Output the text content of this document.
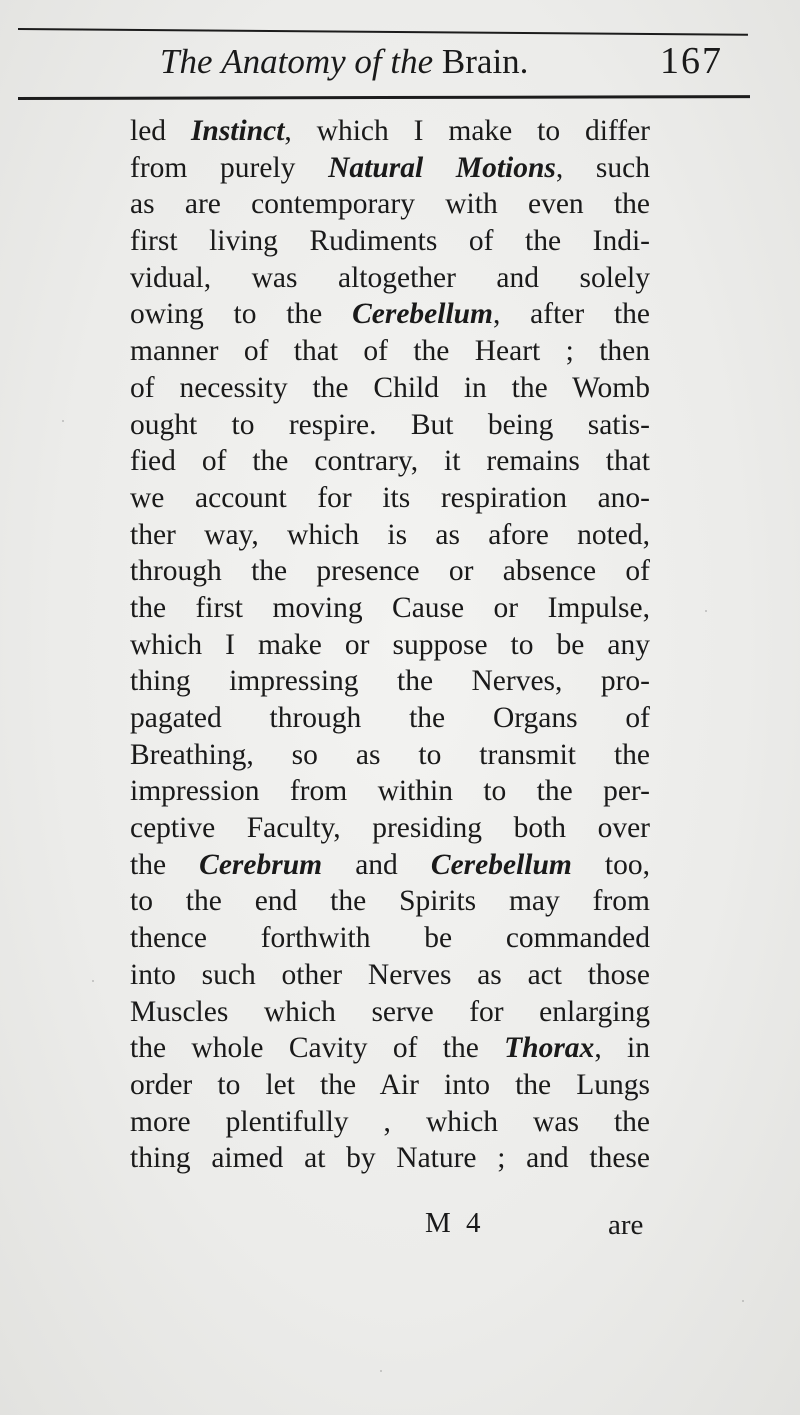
The Anatomy of the Brain.	167
led Instinct, which I make to differ
from purely Natural Motions, such
as are contemporary with even the
first living Rudiments of the Indi-
vidual, was altogether and solely
owing to the Cerebellum, after the
manner of that of the Heart ; then
of necessity the Child in the Womb
ought to respire. But being satis-
fied of the contrary, it remains that
we account for its respiration ano-
ther way, which is as afore noted,
through the presence or absence of
the first moving Cause or Impulse,
which I make or suppose to be any
thing impressing the Nerves, pro-
pagated through the Organs of
Breathing, so as to transmit the
impression from within to the per-
ceptive Faculty, presiding both over
the Cerebrum and Cerebellum too,
to the end the Spirits may from
thence forthwith be commanded
into such other Nerves as act those
Muscles which serve for enlarging
the whole Cavity of the Thorax, in
order to let the Air into the Lungs
more plentifully , which was the
thing aimed at by Nature ; and these
M 4	are
